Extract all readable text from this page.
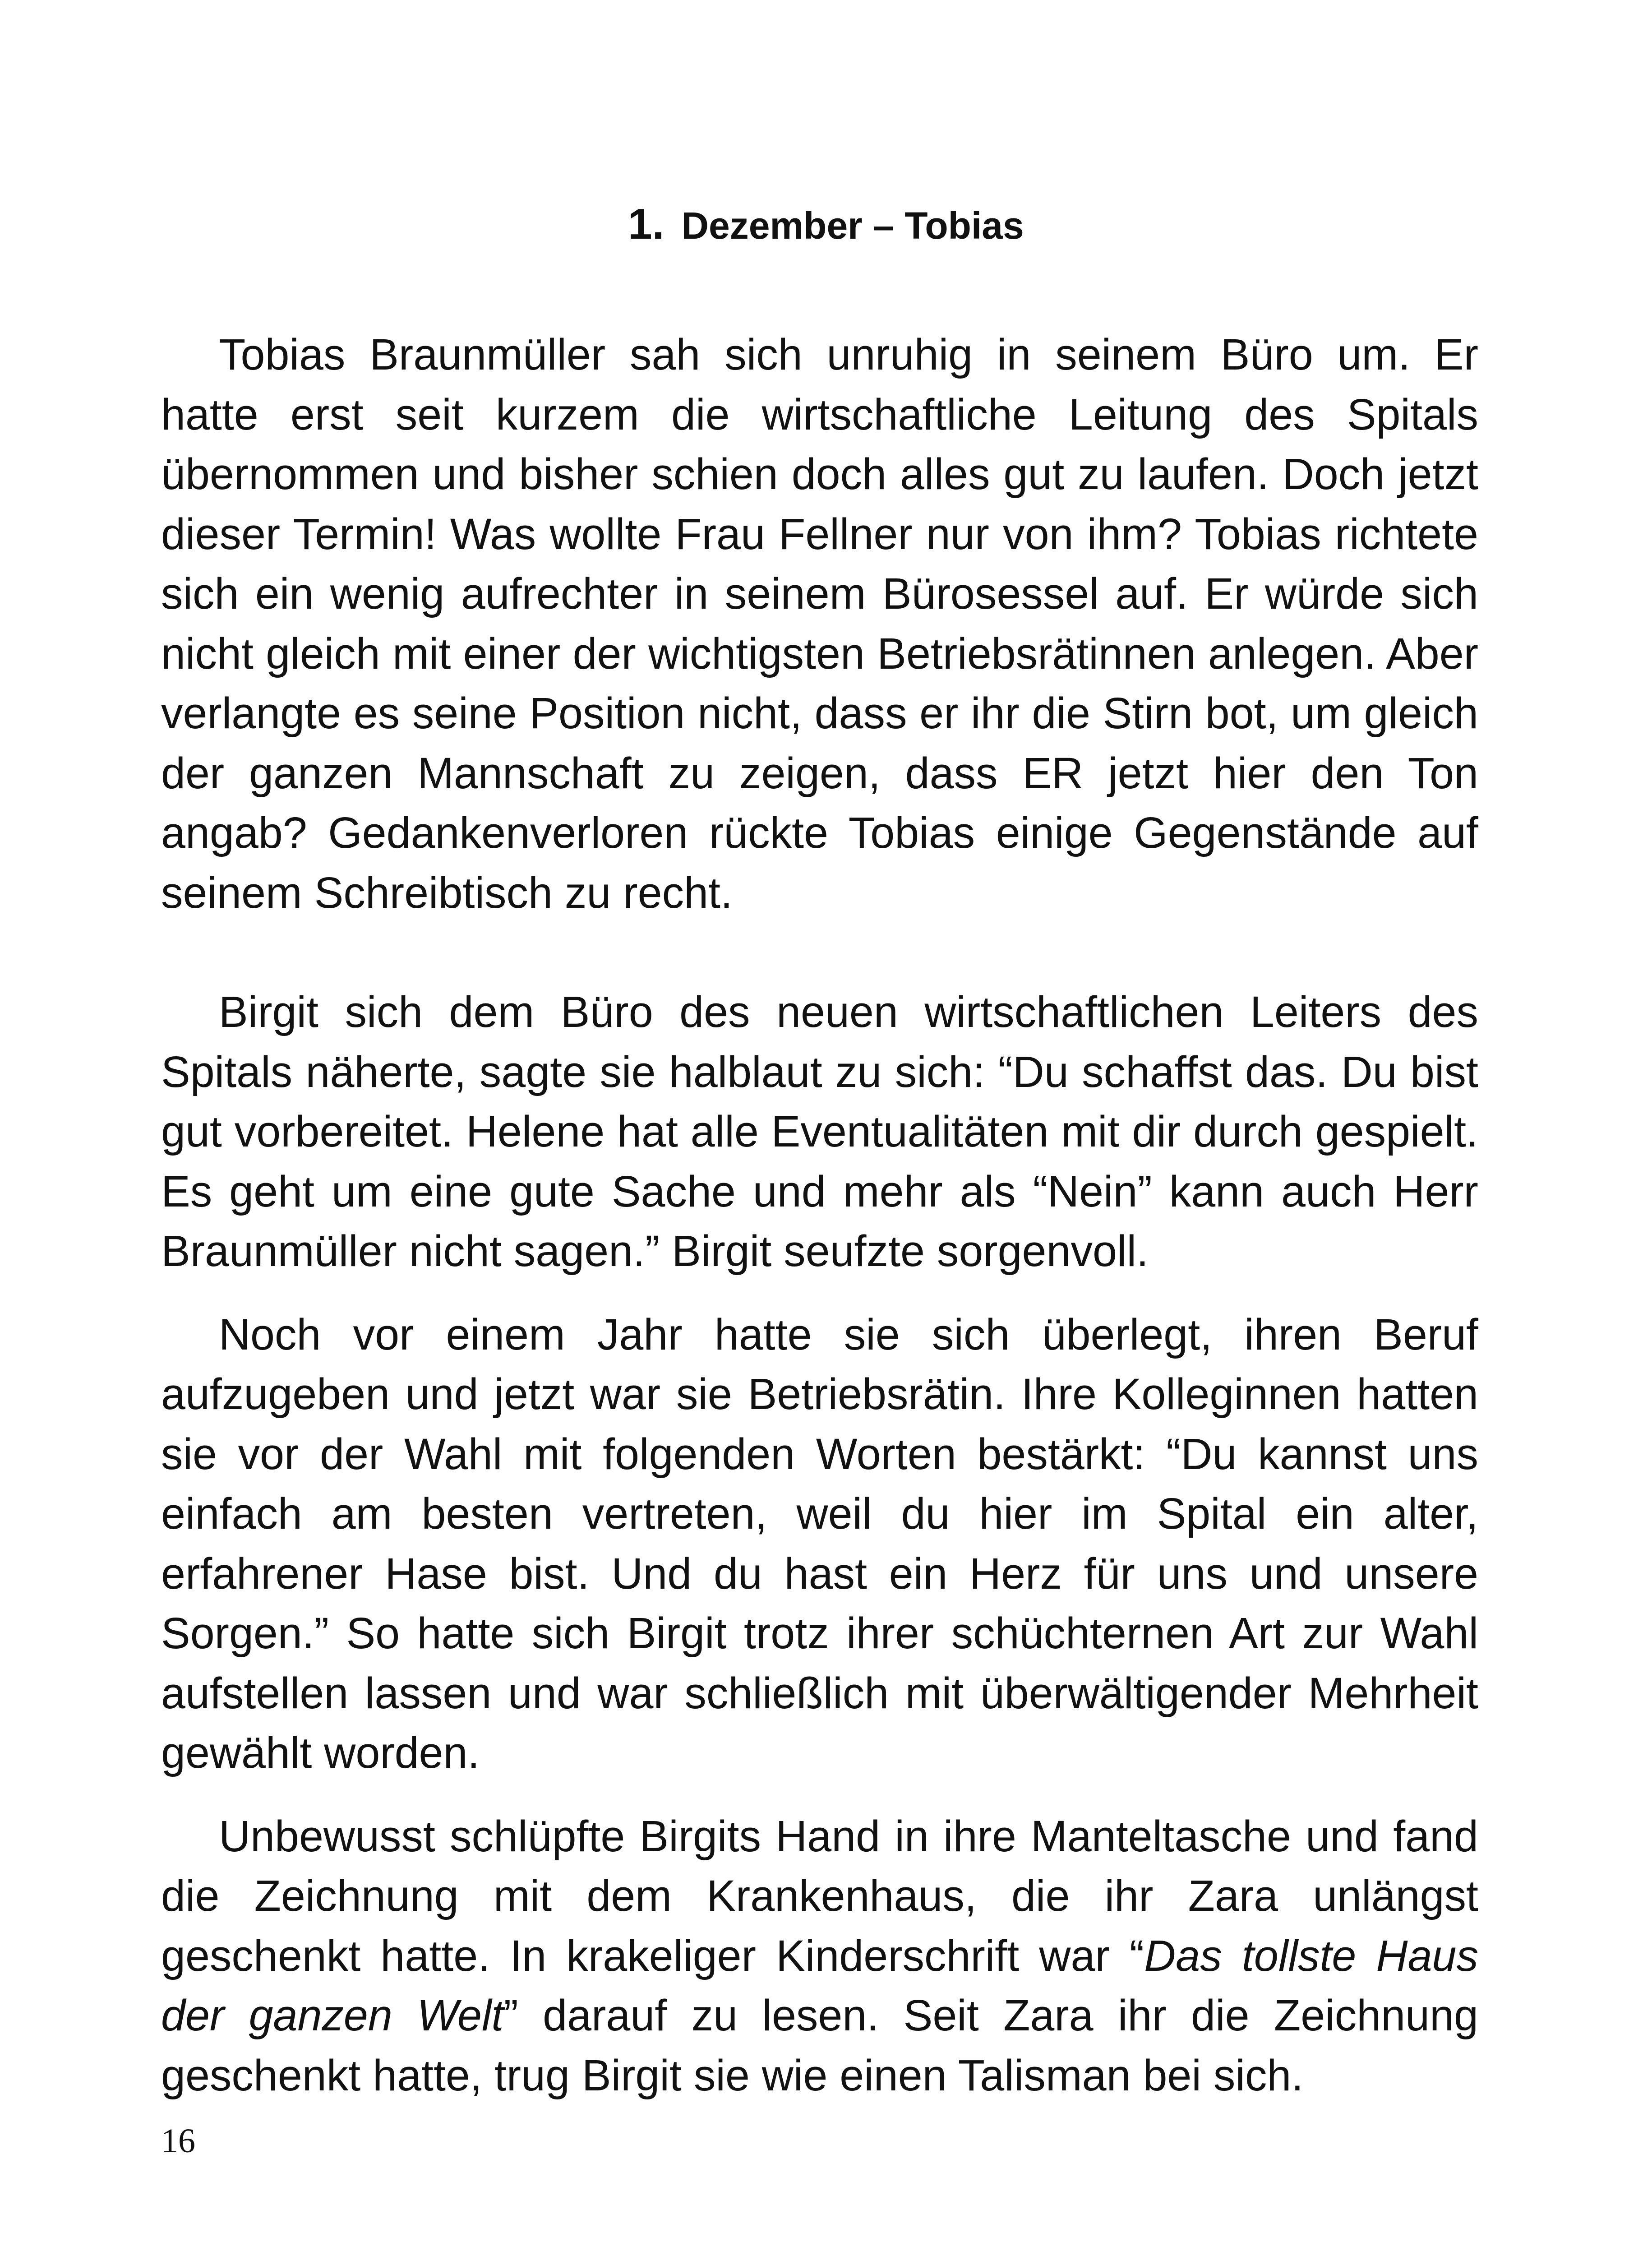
1. Dezember – Tobias

Tobias Braunmüller sah sich unruhig in seinem Büro um. Er hatte erst seit kurzem die wirtschaftliche Leitung des Spitals übernommen und bisher schien doch alles gut zu laufen. Doch jetzt dieser Termin! Was wollte Frau Fellner nur von ihm? Tobias richtete sich ein wenig aufrechter in seinem Bürosessel auf. Er würde sich nicht gleich mit einer der wichtigsten Betriebsrätinnen anlegen. Aber verlangte es seine Position nicht, dass er ihr die Stirn bot, um gleich der ganzen Mannschaft zu zeigen, dass ER jetzt hier den Ton angab? Gedankenverloren rückte Tobias einige Gegenstände auf seinem Schreibtisch zu recht.

Birgit sich dem Büro des neuen wirtschaftlichen Leiters des Spitals näherte, sagte sie halblaut zu sich: “Du schaffst das. Du bist gut vorbereitet. Helene hat alle Eventualitäten mit dir durch gespielt. Es geht um eine gute Sache und mehr als “Nein” kann auch Herr Braunmüller nicht sagen.” Birgit seufzte sorgenvoll.

Noch vor einem Jahr hatte sie sich überlegt, ihren Beruf aufzugeben und jetzt war sie Betriebsrätin. Ihre Kolleginnen hatten sie vor der Wahl mit folgenden Worten bestärkt: “Du kannst uns einfach am besten vertreten, weil du hier im Spital ein alter, erfahrener Hase bist. Und du hast ein Herz für uns und unsere Sorgen.” So hatte sich Birgit trotz ihrer schüchternen Art zur Wahl aufstellen lassen und war schließlich mit überwältigender Mehrheit gewählt worden.

Unbewusst schlüpfte Birgits Hand in ihre Manteltasche und fand die Zeichnung mit dem Krankenhaus, die ihr Zara unlängst geschenkt hatte. In krakeliger Kinderschrift war “Das tollste Haus der ganzen Welt” darauf zu lesen. Seit Zara ihr die Zeichnung geschenkt hatte, trug Birgit sie wie einen Talisman bei sich.

16
